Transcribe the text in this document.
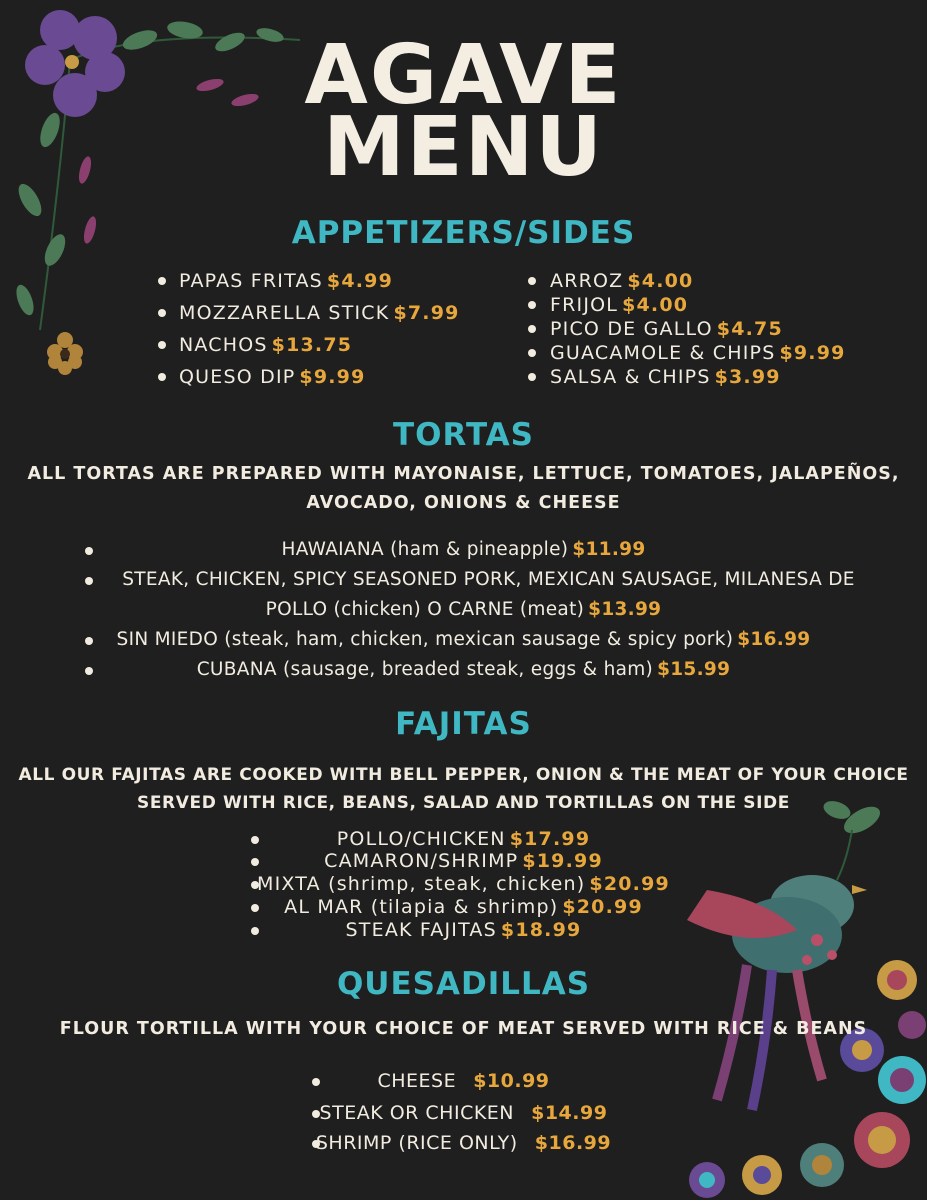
AGAVE
MENU
APPETIZERS/SIDES
PAPAS FRITAS $4.99
MOZZARELLA STICK $7.99
NACHOS $13.75
QUESO DIP $9.99
ARROZ $4.00
FRIJOL $4.00
PICO DE GALLO $4.75
GUACAMOLE & CHIPS $9.99
SALSA & CHIPS $3.99
TORTAS
ALL TORTAS ARE PREPARED WITH MAYONAISE, LETTUCE, TOMATOES, JALAPEÑOS,
AVOCADO, ONIONS & CHEESE
HAWAIANA (ham & pineapple) $11.99
STEAK, CHICKEN, SPICY SEASONED PORK, MEXICAN SAUSAGE, MILANESA DE
POLLO (chicken) O CARNE (meat) $13.99
SIN MIEDO (steak, ham, chicken, mexican sausage & spicy pork) $16.99
CUBANA (sausage, breaded steak, eggs & ham) $15.99
FAJITAS
ALL OUR FAJITAS ARE COOKED WITH BELL PEPPER, ONION & THE MEAT OF YOUR CHOICE
SERVED WITH RICE, BEANS, SALAD AND TORTILLAS ON THE SIDE
POLLO/CHICKEN $17.99
CAMARON/SHRIMP $19.99
MIXTA (shrimp, steak, chicken) $20.99
AL MAR (tilapia & shrimp) $20.99
STEAK FAJITAS $18.99
QUESADILLAS
FLOUR TORTILLA WITH YOUR CHOICE OF MEAT SERVED WITH RICE & BEANS
CHEESE $10.99
STEAK OR CHICKEN $14.99
SHRIMP (RICE ONLY) $16.99
